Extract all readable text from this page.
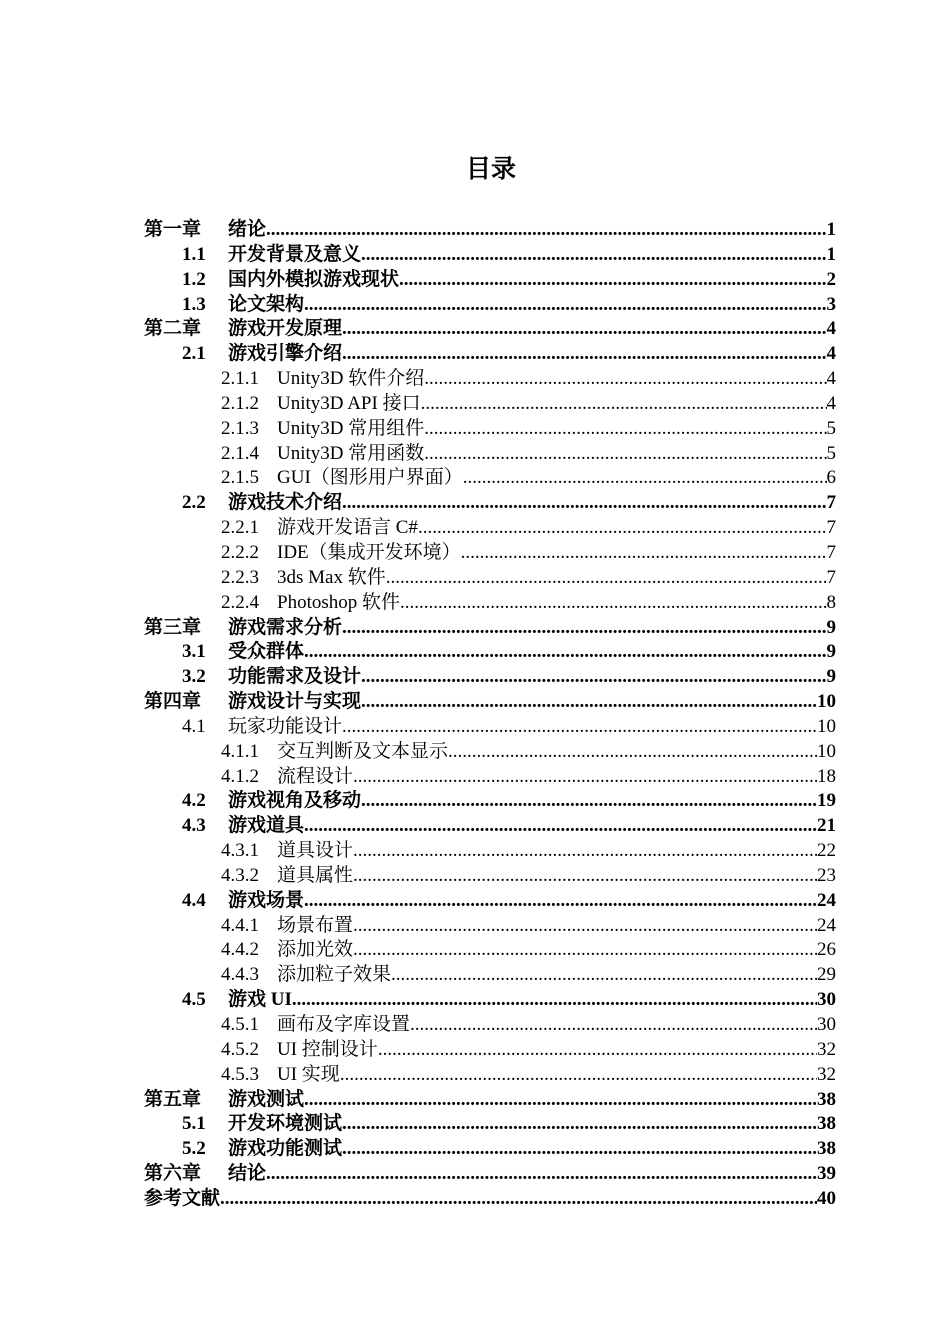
目录
第一章	绪论 .....	1
1.1	开发背景及意义 .....	1
1.2	国内外模拟游戏现状 .....	2
1.3	论文架构 .....	3
第二章	游戏开发原理 .....	4
2.1	游戏引擎介绍 .....	4
2.1.1 Unity3D 软件介绍 .....	4
2.1.2 Unity3D API 接口 .....	4
2.1.3 Unity3D 常用组件 .....	5
2.1.4 Unity3D 常用函数 .....	5
2.1.5 GUI（图形用户界面） .....	6
2.2	游戏技术介绍 .....	7
2.2.1 游戏开发语言 C# .....	7
2.2.2 IDE（集成开发环境） .....	7
2.2.3 3ds Max 软件 .....	7
2.2.4 Photoshop 软件 .....	8
第三章	游戏需求分析 .....	9
3.1	受众群体 .....	9
3.2	功能需求及设计 .....	9
第四章	游戏设计与实现 .....	10
4.1	玩家功能设计 .....	10
4.1.1 交互判断及文本显示 .....	10
4.1.2 流程设计 .....	18
4.2	游戏视角及移动 .....	19
4.3	游戏道具 .....	21
4.3.1 道具设计 .....	22
4.3.2 道具属性 .....	23
4.4	游戏场景 .....	24
4.4.1 场景布置 .....	24
4.4.2 添加光效 .....	26
4.4.3 添加粒子效果 .....	29
4.5	游戏 UI .....	30
4.5.1 画布及字库设置 .....	30
4.5.2 UI 控制设计 .....	32
4.5.3 UI 实现 .....	32
第五章	游戏测试 .....	38
5.1	开发环境测试 .....	38
5.2	游戏功能测试 .....	38
第六章	结论 .....	39
参考文献 .....	40
